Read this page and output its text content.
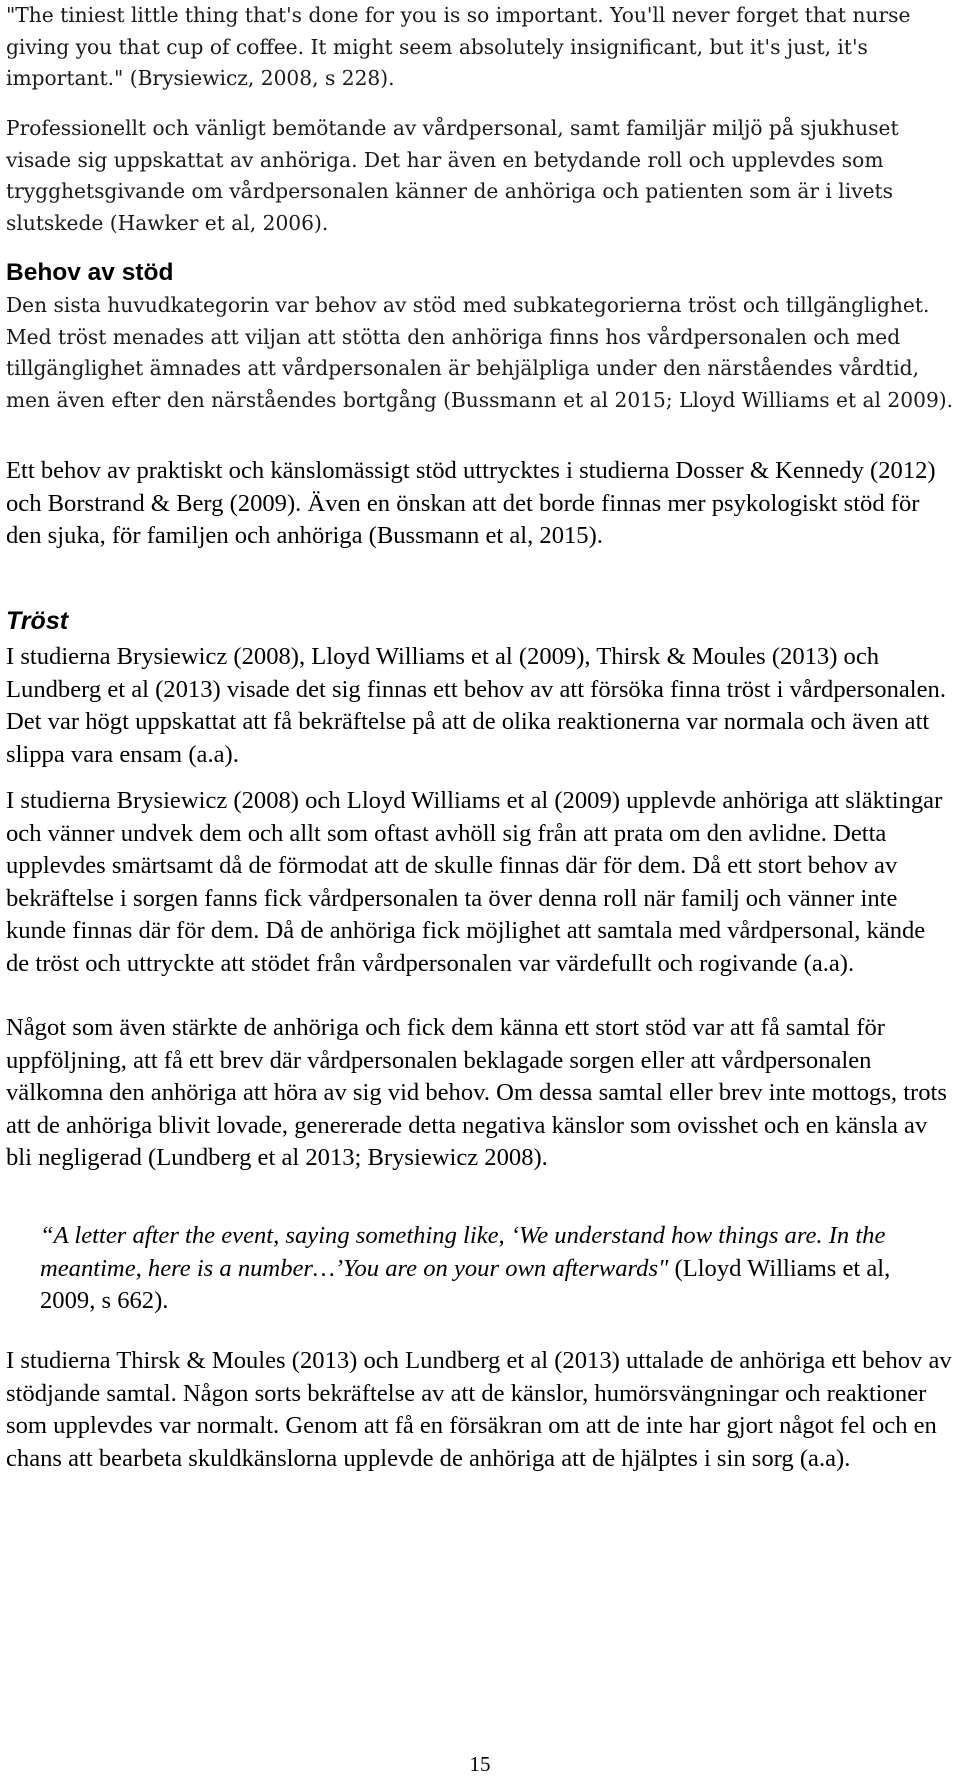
"The tiniest little thing that's done for you is so important. You'll never forget that nurse giving you that cup of coffee. It might seem absolutely insignificant, but it's just, it's important." (Brysiewicz, 2008, s 228).

Professionellt och vänligt bemötande av vårdpersonal, samt familjär miljö på sjukhuset visade sig uppskattat av anhöriga. Det har även en betydande roll och upplevdes som trygghetsgivande om vårdpersonalen känner de anhöriga och patienten som är i livets slutskede (Hawker et al, 2006).

Behov av stöd

Den sista huvudkategorin var behov av stöd med subkategorierna tröst och tillgänglighet. Med tröst menades att viljan att stötta den anhöriga finns hos vårdpersonalen och med tillgänglighet ämnades att vårdpersonalen är behjälpliga under den närståendes vårdtid, men även efter den närståendes bortgång (Bussmann et al 2015; Lloyd Williams et al 2009).

Ett behov av praktiskt och känslomässigt stöd uttrycktes i studierna Dosser & Kennedy (2012) och Borstrand & Berg (2009). Även en önskan att det borde finnas mer psykologiskt stöd för den sjuka, för familjen och anhöriga (Bussmann et al, 2015).

Tröst

I studierna Brysiewicz (2008), Lloyd Williams et al (2009), Thirsk & Moules (2013) och Lundberg et al (2013) visade det sig finnas ett behov av att försöka finna tröst i vårdpersonalen. Det var högt uppskattat att få bekräftelse på att de olika reaktionerna var normala och även att slippa vara ensam (a.a).

I studierna Brysiewicz (2008) och Lloyd Williams et al (2009) upplevde anhöriga att släktingar och vänner undvek dem och allt som oftast avhöll sig från att prata om den avlidne. Detta upplevdes smärtsamt då de förmodat att de skulle finnas där för dem. Då ett stort behov av bekräftelse i sorgen fanns fick vårdpersonalen ta över denna roll när familj och vänner inte kunde finnas där för dem. Då de anhöriga fick möjlighet att samtala med vårdpersonal, kände de tröst och uttryckte att stödet från vårdpersonalen var värdefullt och rogivande (a.a).

Något som även stärkte de anhöriga och fick dem känna ett stort stöd var att få samtal för uppföljning, att få ett brev där vårdpersonalen beklagade sorgen eller att vårdpersonalen välkomna den anhöriga att höra av sig vid behov. Om dessa samtal eller brev inte mottogs, trots att de anhöriga blivit lovade, genererade detta negativa känslor som ovisshet och en känsla av bli negligerad (Lundberg et al 2013; Brysiewicz 2008).

“A letter after the event, saying something like, ‘We understand how things are. In the meantime, here is a number…’You are on your own afterwards" (Lloyd Williams et al, 2009, s 662).

I studierna Thirsk & Moules (2013) och Lundberg et al (2013) uttalade de anhöriga ett behov av stödjande samtal. Någon sorts bekräftelse av att de känslor, humörsvängningar och reaktioner som upplevdes var normalt. Genom att få en försäkran om att de inte har gjort något fel och en chans att bearbeta skuldkänslorna upplevde de anhöriga att de hjälptes i sin sorg (a.a).

15
